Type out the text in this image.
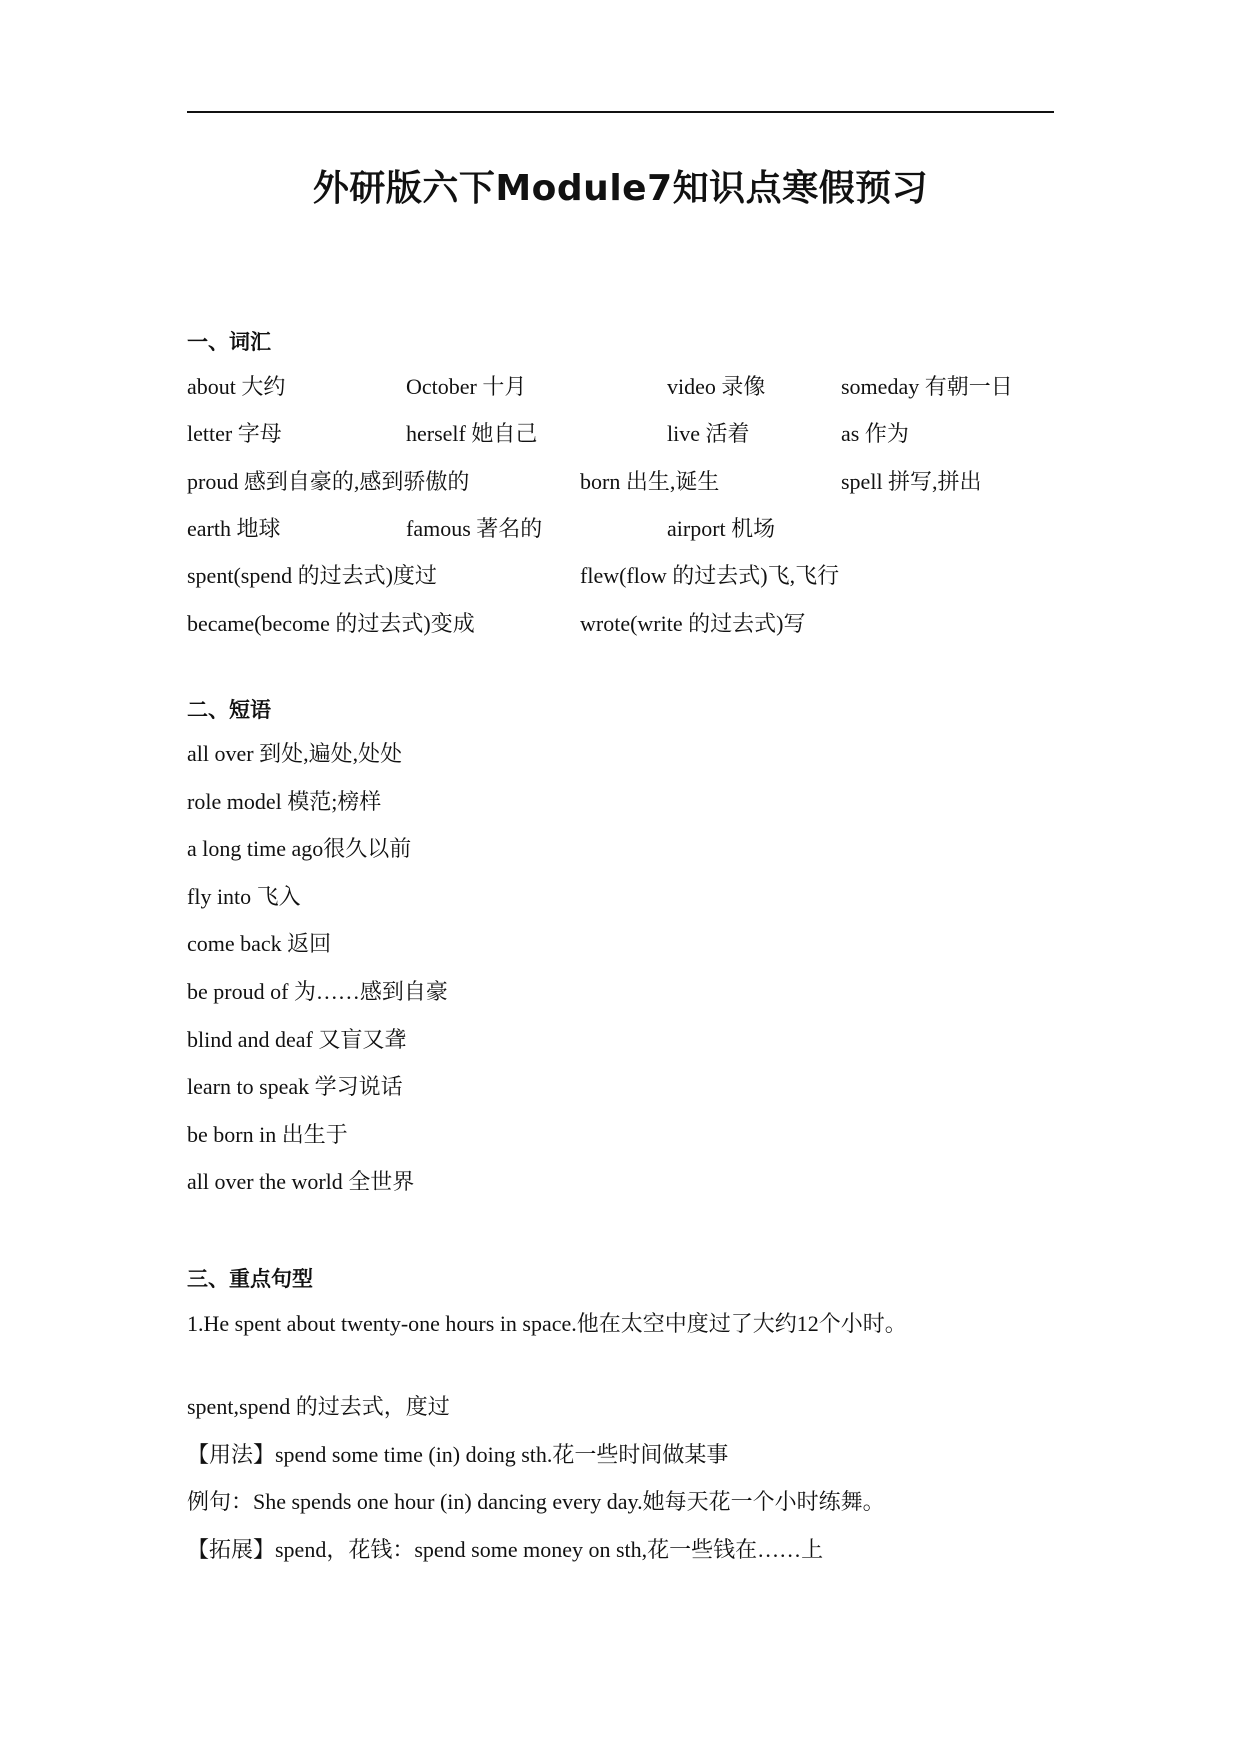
外研版六下Module7知识点寒假预习
一、词汇
about 大约	October 十月	video 录像	someday 有朝一日
letter 字母	herself 她自己	live 活着	as 作为
proud 感到自豪的,感到骄傲的	born 出生,诞生	spell 拼写,拼出
earth 地球	famous 著名的	airport 机场
spent(spend 的过去式)度过	flew(flow 的过去式)飞,飞行
became(become 的过去式)变成	wrote(write 的过去式)写
二、短语
all over 到处,遍处,处处
role model 模范;榜样
a long time ago很久以前
fly into 飞入
come back 返回
be proud of 为……感到自豪
blind and deaf 又盲又聋
learn to speak 学习说话
be born in 出生于
all over the world 全世界
三、重点句型
1.He spent about twenty-one hours in space.他在太空中度过了大约12个小时。
spent,spend 的过去式，度过
【用法】spend some time (in) doing sth.花一些时间做某事
例句：She spends one hour (in) dancing every day.她每天花一个小时练舞。
【拓展】spend，花钱：spend some money on sth,花一些钱在……上
